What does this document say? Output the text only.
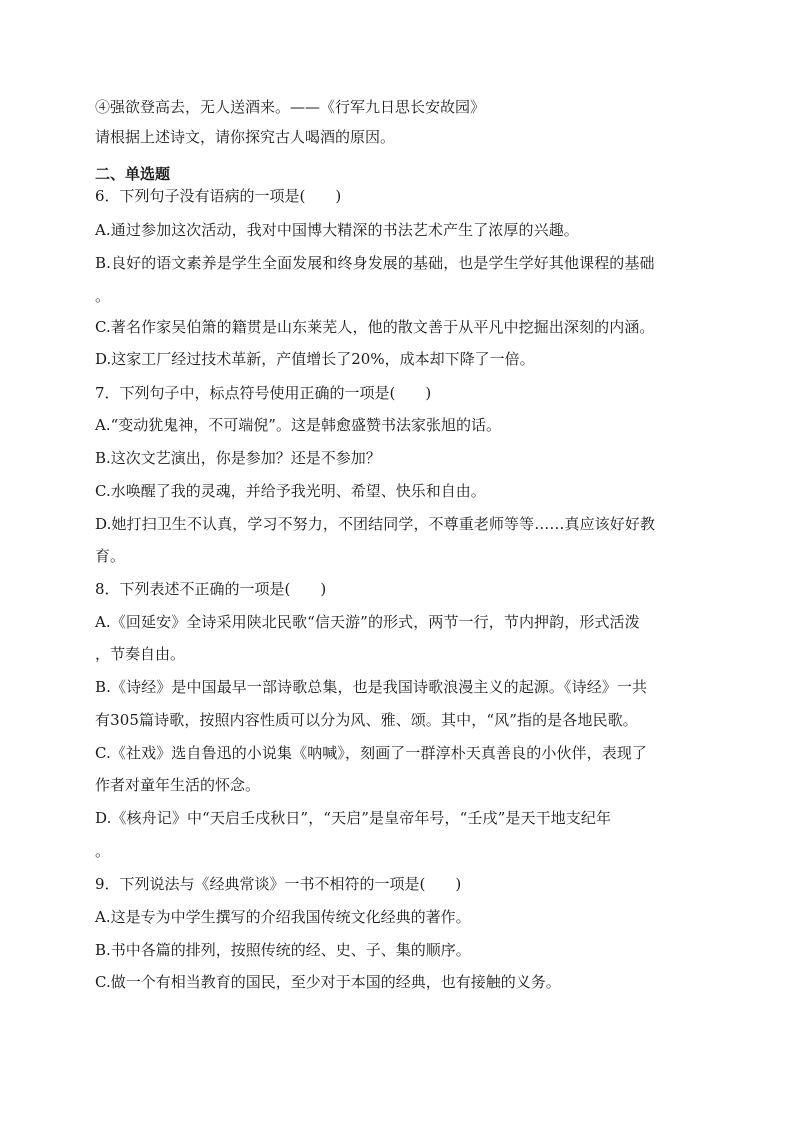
④强欲登高去，无人送酒来。——《行军九日思长安故园》
请根据上述诗文，请你探究古人喝酒的原因。
二、单选题
6．下列句子没有语病的一项是(　　)
A.通过参加这次活动，我对中国博大精深的书法艺术产生了浓厚的兴趣。
B.良好的语文素养是学生全面发展和终身发展的基础，也是学生学好其他课程的基础
。
C.著名作家吴伯箫的籍贯是山东莱芜人，他的散文善于从平凡中挖掘出深刻的内涵。
D.这家工厂经过技术革新，产值增长了20%，成本却下降了一倍。
7．下列句子中，标点符号使用正确的一项是(　　)
A.“变动犹鬼神，不可端倪”。这是韩愈盛赞书法家张旭的话。
B.这次文艺演出，你是参加？还是不参加？
C.水唤醒了我的灵魂，并给予我光明、希望、快乐和自由。
D.她打扫卫生不认真，学习不努力，不团结同学，不尊重老师等等……真应该好好教
育。
8．下列表述不正确的一项是(　　)
A.《回延安》全诗采用陕北民歌“信天游”的形式，两节一行，节内押韵，形式活泼
，节奏自由。
B.《诗经》是中国最早一部诗歌总集，也是我国诗歌浪漫主义的起源。《诗经》一共
有305篇诗歌，按照内容性质可以分为风、雅、颂。其中，“风”指的是各地民歌。
C.《社戏》选自鲁迅的小说集《呐喊》，刻画了一群淳朴天真善良的小伙伴，表现了
作者对童年生活的怀念。
D.《核舟记》中“天启壬戌秋日”，“天启”是皇帝年号，“壬戌”是天干地支纪年
。
9．下列说法与《经典常谈》一书不相符的一项是(　　)
A.这是专为中学生撰写的介绍我国传统文化经典的著作。
B.书中各篇的排列，按照传统的经、史、子、集的顺序。
C.做一个有相当教育的国民，至少对于本国的经典，也有接触的义务。
